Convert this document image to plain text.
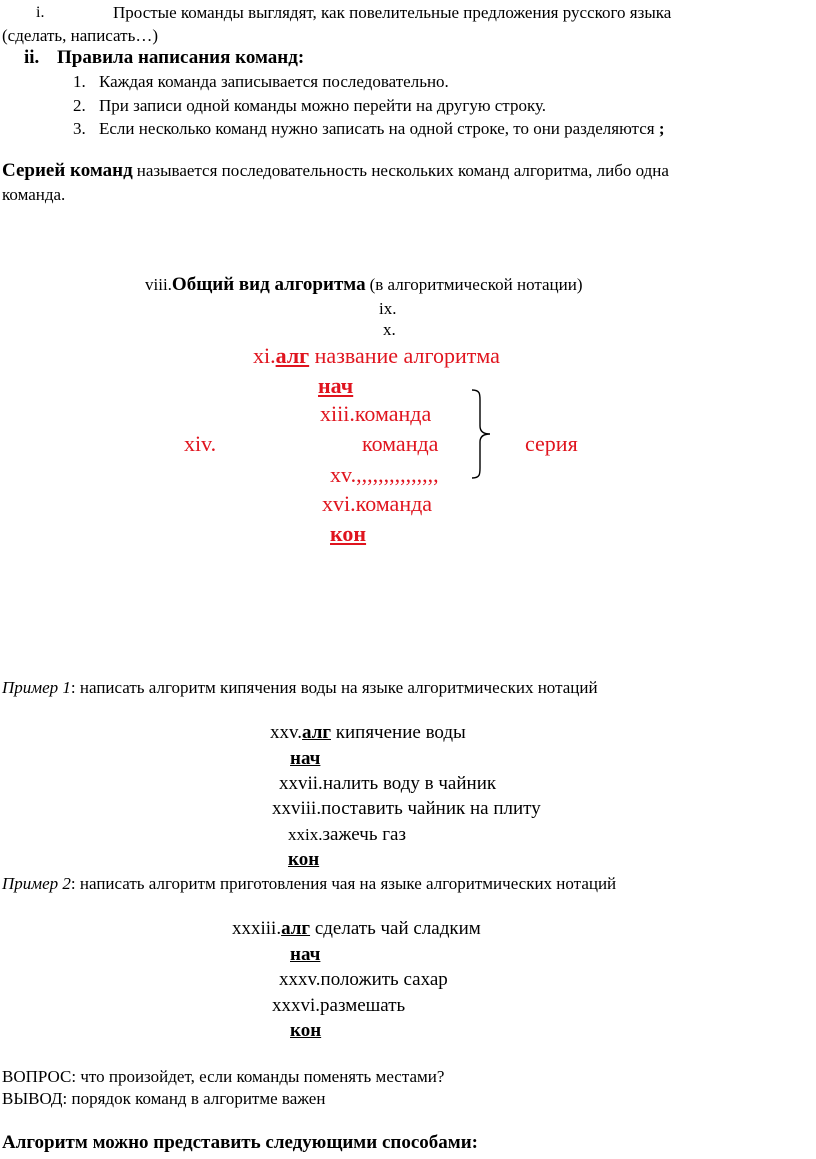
i.	Простые команды выглядят, как повелительные предложения русского языка
(сделать, написать…)
ii. Правила написания команд:
1. Каждая команда записывается последовательно.
2. При записи одной команды можно перейти на другую строку.
3. Если несколько команд нужно записать на одной строке, то они разделяются ;
Серией команд называется последовательность нескольких команд алгоритма, либо одна
команда.
viii.Общий вид алгоритма (в алгоритмической нотации)
ix.
x.
xi.алг название алгоритма
нач
xiii.команда
xiv.	команда	серия
xv.,,,,,,,,,,,,,,,
xvi.команда
кон
Пример 1: написать алгоритм кипячения воды на языке алгоритмических нотаций
xxv.алг кипячение воды
нач
xxvii.налить воду в чайник
xxviii.поставить чайник на плиту
xxix.зажечь газ
кон
Пример 2: написать алгоритм приготовления чая на языке алгоритмических нотаций
xxxiii.алг сделать чай сладким
нач
xxxv.положить сахар
xxxvi.размешать
кон
ВОПРОС: что произойдет, если команды поменять местами?
ВЫВОД: порядок команд в алгоритме важен
Алгоритм можно представить следующими способами:
